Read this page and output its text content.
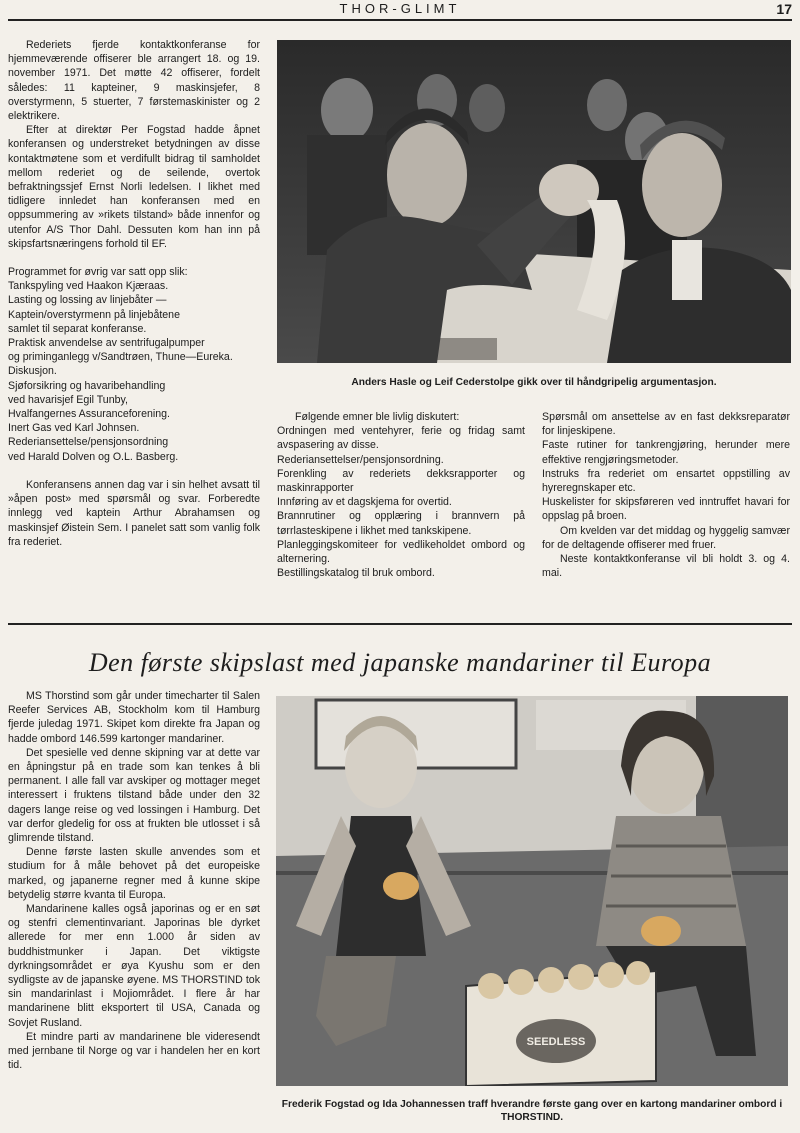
THOR-GLIMT	17

Rederiets fjerde kontaktkonferanse for hjemmeværende offiserer ble arrangert 18. og 19. november 1971. Det møtte 42 offiserer, fordelt således: 11 kapteiner, 9 maskinsjefer, 8 overstyrmenn, 5 stuerter, 7 førstemaskinister og 2 elektrikere.

Efter at direktør Per Fogstad hadde åpnet konferansen og understreket betydningen av disse kontaktmøtene som et verdifullt bidrag til samholdet mellom rederiet og de seilende, overtok befraktningssjef Ernst Norli ledelsen. I likhet med tidligere innledet han konferansen med en oppsummering av »rikets tilstand» både innenfor og utenfor A/S Thor Dahl. Dessuten kom han inn på skipsfartsnæringens forhold til EF.

Programmet for øvrig var satt opp slik:

Tankspyling ved Haakon Kjæraas.

Lasting og lossing av linjebåter —

Kaptein/overstyrmenn på linjebåtene

samlet til separat konferanse.

Praktisk anvendelse av sentrifugalpumper

og priminganlegg v/Sandtrøen, Thune—Eureka.

Diskusjon.

Sjøforsikring og havaribehandling

ved havarisjef Egil Tunby,

Hvalfangernes Assuranceforening.

Inert Gas ved Karl Johnsen.

Rederiansettelse/pensjonsordning

ved Harald Dolven og O.L. Basberg.

Konferansens annen dag var i sin helhet avsatt til »åpen post» med spørsmål og svar. Forberedte innlegg ved kaptein Arthur Abrahamsen og maskinsjef Øistein Sem. I panelet satt som vanlig folk fra rederiet.

Anders Hasle og Leif Cederstolpe gikk over til håndgripelig argumentasjon.

Følgende emner ble livlig diskutert:

Ordningen med ventehyrer, ferie og fridag samt avspasering av disse.

Rederiansettelser/pensjonsordning.

Forenkling av rederiets dekksrapporter og maskinrapporter

Innføring av et dagskjema for overtid.

Brannrutiner og opplæring i brannvern på tørrlasteskipene i likhet med tankskipene.

Planleggingskomiteer for vedlikeholdet ombord og alternering.

Bestillingskatalog til bruk ombord.

Spørsmål om ansettelse av en fast dekksreparatør for linjeskipene.

Faste rutiner for tankrengjøring, herunder mere effektive rengjøringsmetoder.

Instruks fra rederiet om ensartet oppstilling av hyreregnskaper etc.

Huskelister for skipsføreren ved inntruffet havari for oppslag på broen.

Om kvelden var det middag og hyggelig samvær for de deltagende offiserer med fruer.

Neste kontaktkonferanse vil bli holdt 3. og 4. mai.

Den første skipslast med japanske mandariner til Europa

MS Thorstind som går under timecharter til Salen Reefer Services AB, Stockholm kom til Hamburg fjerde juledag 1971. Skipet kom direkte fra Japan og hadde ombord 146.599 kartonger mandariner.

Det spesielle ved denne skipning var at dette var en åpningstur på en trade som kan tenkes å bli permanent. I alle fall var avskiper og mottager meget interessert i fruktens tilstand både under den 32 dagers lange reise og ved lossingen i Hamburg. Det var derfor gledelig for oss at frukten ble utlosset i så glimrende tilstand.

Denne første lasten skulle anvendes som et studium for å måle behovet på det europeiske marked, og japanerne regner med å kunne skipe betydelig større kvanta til Europa.

Mandarinene kalles også japorinas og er en søt og stenfri clementinvariant. Japorinas ble dyrket allerede for mer enn 1.000 år siden av buddhistmunker i Japan. Det viktigste dyrkningsområdet er øya Kyushu som er den sydligste av de japanske øyene. MS THORSTIND tok sin mandarinlast i Mojiområdet. I flere år har mandarinene blitt eksportert til USA, Canada og Sovjet Rusland.

Et mindre parti av mandarinene ble videresendt med jernbane til Norge og var i handelen her en kort tid.

SEEDLESS
Frederik Fogstad og Ida Johannessen traff hverandre første gang over en kartong mandariner ombord i THORSTIND.
